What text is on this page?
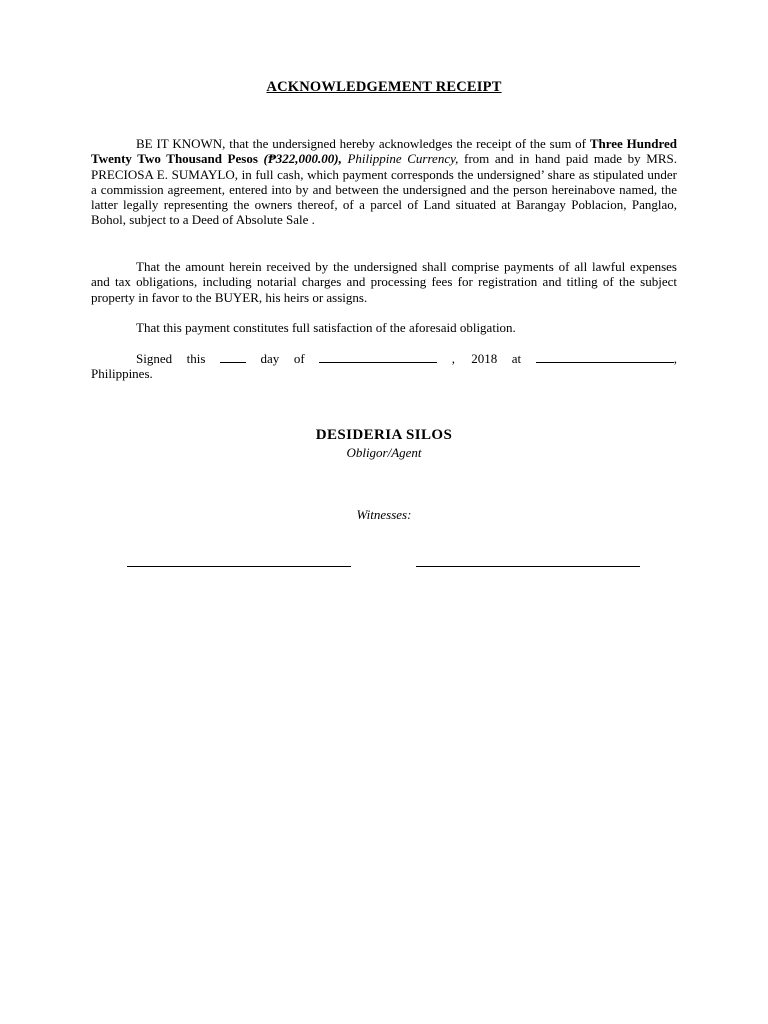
ACKNOWLEDGEMENT RECEIPT
BE IT KNOWN, that the undersigned hereby acknowledges the receipt of the sum of Three Hundred Twenty Two Thousand Pesos (₱322,000.00), Philippine Currency, from and in hand paid made by MRS. PRECIOSA E. SUMAYLO, in full cash, which payment corresponds the undersigned’ share as stipulated under a commission agreement, entered into by and between the undersigned and the person hereinabove named, the latter legally representing the owners thereof, of a parcel of Land situated at Barangay Poblacion, Panglao, Bohol, subject to a Deed of Absolute Sale .
That the amount herein received by the undersigned shall comprise payments of all lawful expenses and tax obligations, including notarial charges and processing fees for registration and titling of the subject property in favor to the BUYER, his heirs or assigns.
That this payment constitutes full satisfaction of the aforesaid obligation.
Signed this	day of	,     2018 at	,
Philippines.
DESIDERIA SILOS
Obligor/Agent
Witnesses:
